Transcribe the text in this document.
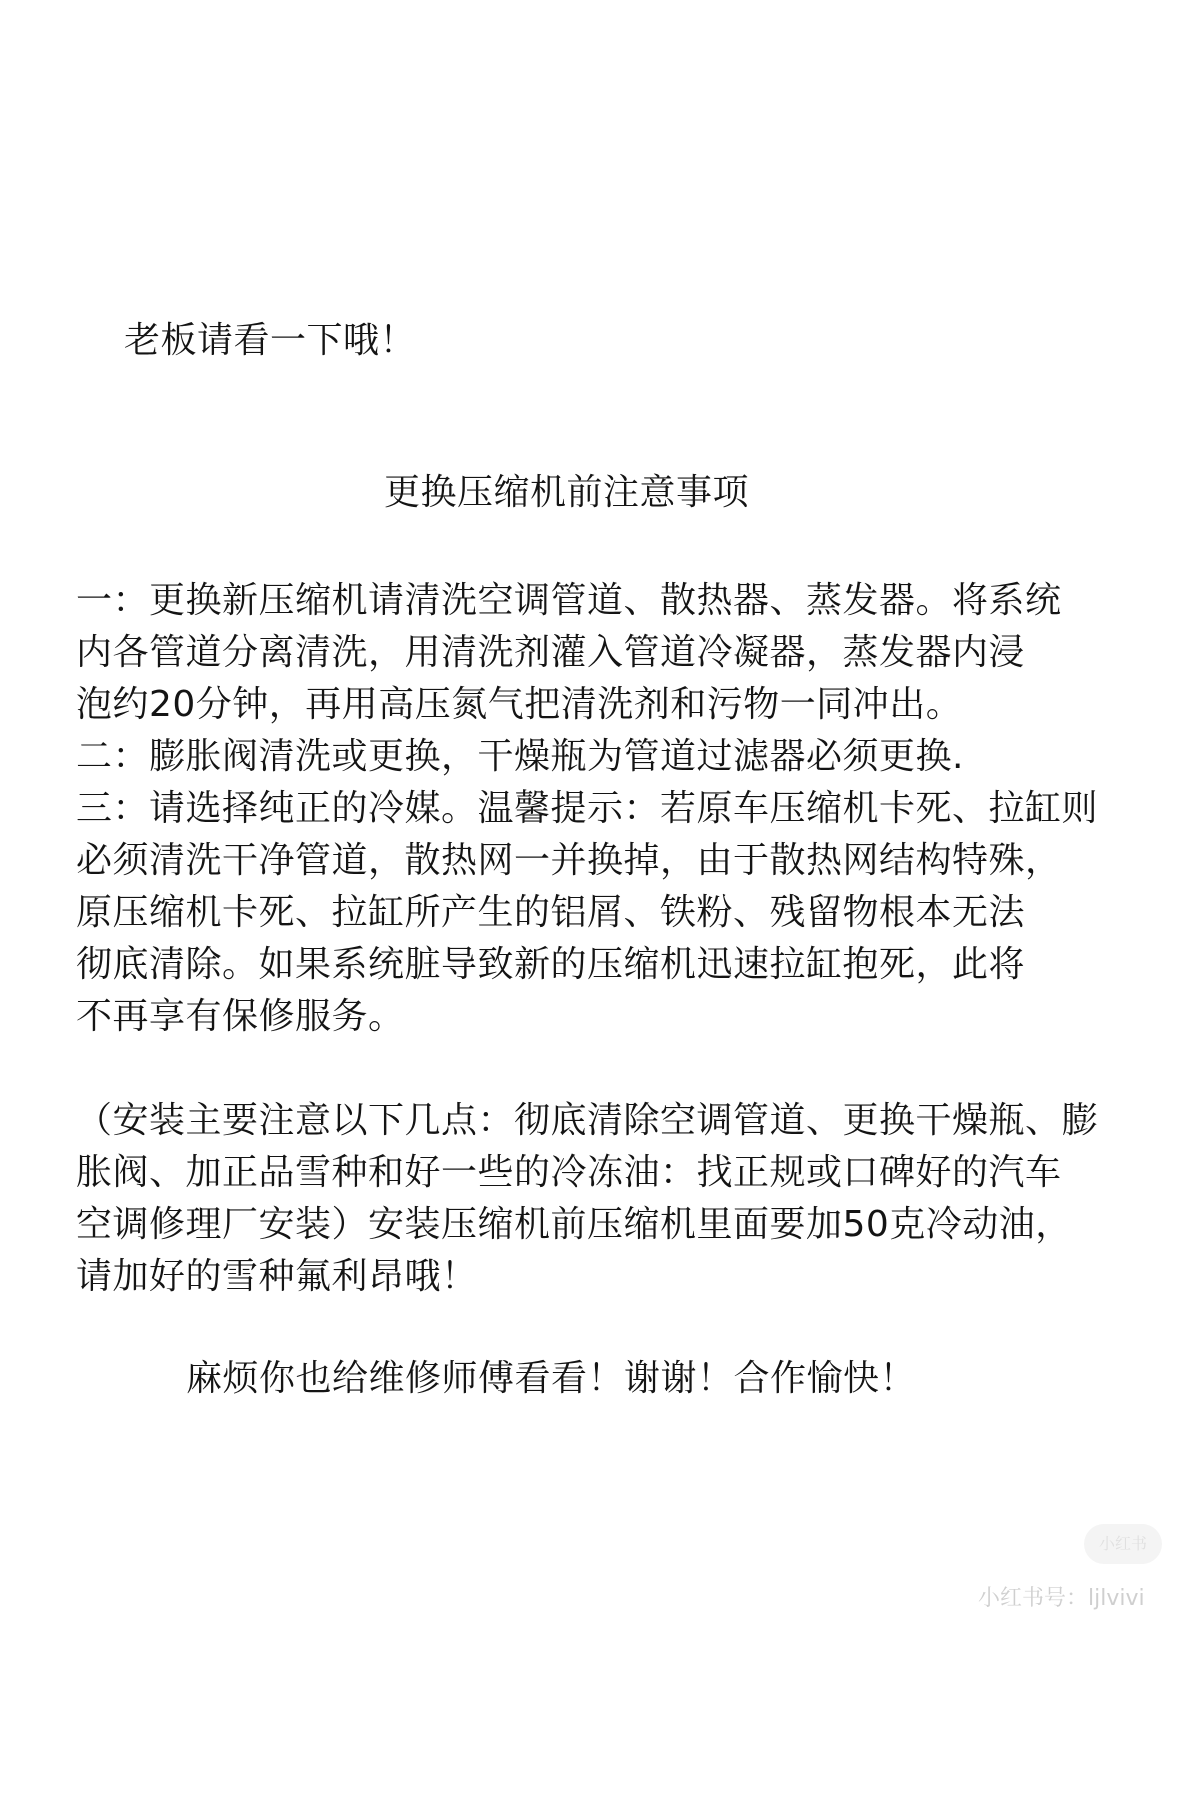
老板请看一下哦！
更换压缩机前注意事项
一：更换新压缩机请清洗空调管道、散热器、蒸发器。将系统
内各管道分离清洗，用清洗剂灌入管道冷凝器，蒸发器内浸
泡约20分钟，再用高压氮气把清洗剂和污物一同冲出。
二：膨胀阀清洗或更换，干燥瓶为管道过滤器必须更换.
三：请选择纯正的冷媒。温馨提示：若原车压缩机卡死、拉缸则
必须清洗干净管道，散热网一并换掉，由于散热网结构特殊，
原压缩机卡死、拉缸所产生的铝屑、铁粉、残留物根本无法
彻底清除。如果系统脏导致新的压缩机迅速拉缸抱死，此将
不再享有保修服务。
（安装主要注意以下几点：彻底清除空调管道、更换干燥瓶、膨
胀阀、加正品雪种和好一些的冷冻油：找正规或口碑好的汽车
空调修理厂安装）安装压缩机前压缩机里面要加50克冷动油，
请加好的雪种氟利昂哦！
麻烦你也给维修师傅看看！谢谢！合作愉快！
小红书
小红书号：ljlvivi
